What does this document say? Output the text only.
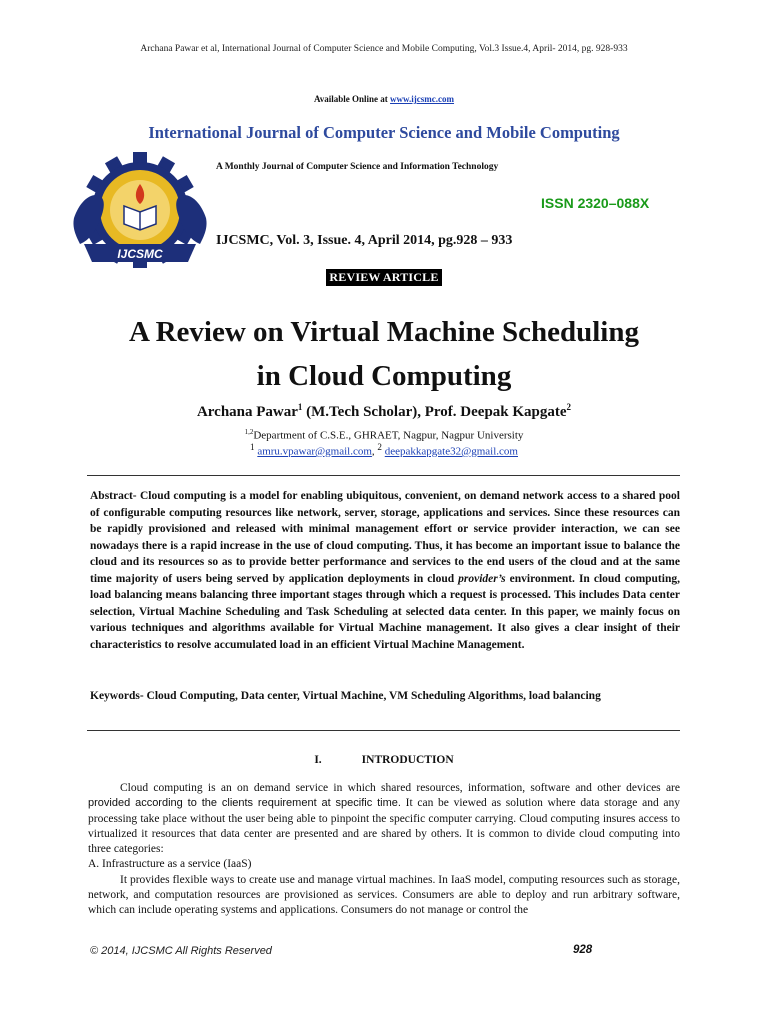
Archana Pawar et al, International Journal of Computer Science and Mobile Computing, Vol.3 Issue.4, April- 2014, pg. 928-933
Available Online at www.ijcsmc.com
International Journal of Computer Science and Mobile Computing
IJCSMC
A Monthly Journal of Computer Science and Information Technology
ISSN 2320–088X
IJCSMC, Vol. 3, Issue. 4, April 2014, pg.928 – 933
REVIEW ARTICLE
A Review on Virtual Machine Scheduling
in Cloud Computing
Archana Pawar$^1$ (M.Tech Scholar), Prof. Deepak Kapgate$^2$
$^{1,2}$Department of C.S.E., GHRAET, Nagpur, Nagpur University
$^1$ amru.vpawar@gmail.com, $^2$ deepakkapgate32@gmail.com
Abstract- Cloud computing is a model for enabling ubiquitous, convenient, on demand network access to a shared pool of configurable computing resources like network, server, storage, applications and services. Since these resources can be rapidly provisioned and released with minimal management effort or service provider interaction, we can see nowadays there is a rapid increase in the use of cloud computing. Thus, it has become an important issue to balance the cloud and its resources so as to provide better performance and services to the end users of the cloud and at the same time majority of users being served by application deployments in cloud provider’s environment. In cloud computing, load balancing means balancing three important stages through which a request is processed. This includes Data center selection, Virtual Machine Scheduling and Task Scheduling at selected data center. In this paper, we mainly focus on various techniques and algorithms available for Virtual Machine management. It also gives a clear insight of their characteristics to resolve accumulated load in an efficient Virtual Machine Management.
Keywords- Cloud Computing, Data center, Virtual Machine, VM Scheduling Algorithms, load balancing
I.	INTRODUCTION

Cloud computing is an on demand service in which shared resources, information, software and other devices are provided according to the clients requirement at specific time. It can be viewed as solution where data storage and any processing take place without the user being able to pinpoint the specific computer carrying. Cloud computing insures access to virtualized it resources that data center are presented and are shared by others. It is common to divide cloud computing into three categories:

A. Infrastructure as a service (IaaS)

It provides flexible ways to create use and manage virtual machines. In IaaS model, computing resources such as storage, network, and computation resources are provisioned as services. Consumers are able to deploy and run arbitrary software, which can include operating systems and applications. Consumers do not manage or control the

© 2014, IJCSMC All Rights Reserved	928
